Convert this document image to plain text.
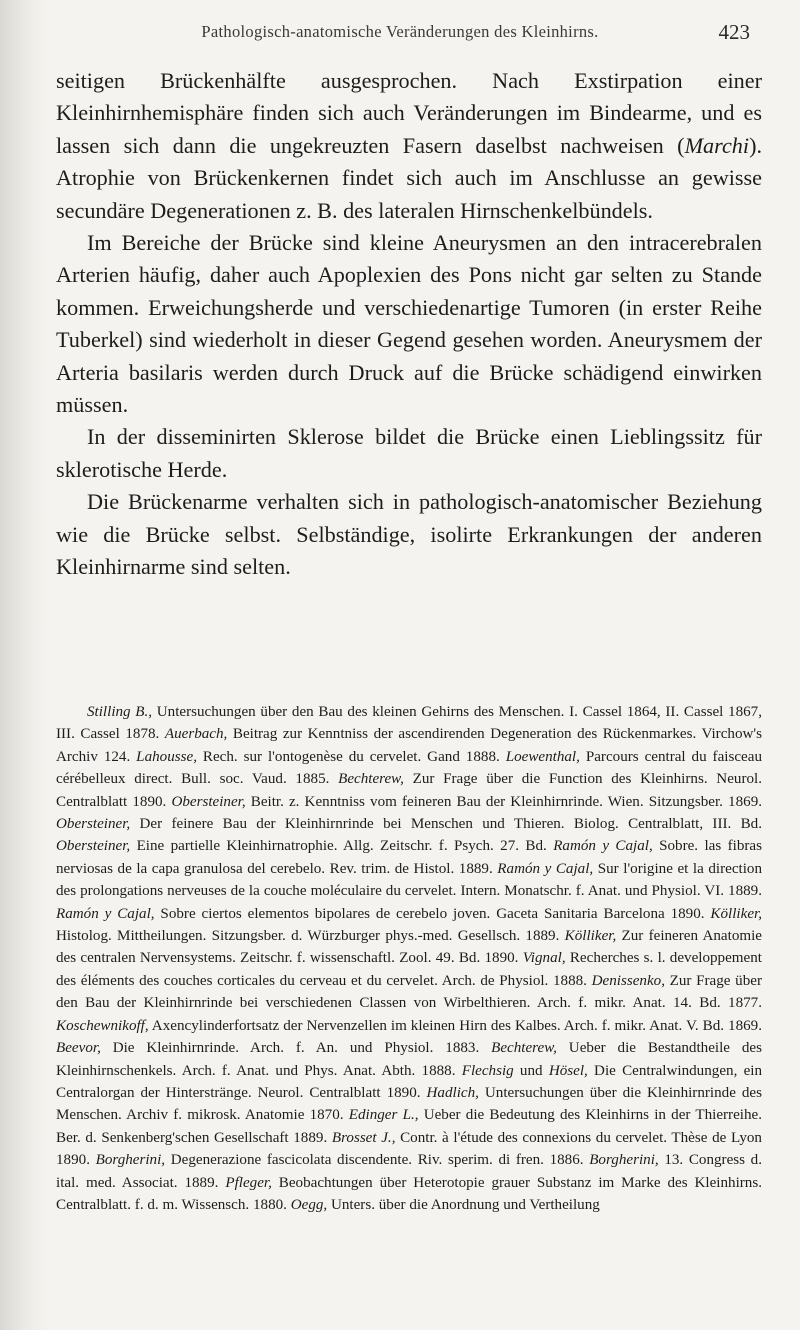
Pathologisch-anatomische Veränderungen des Kleinhirns.	423

seitigen Brückenhälfte ausgesprochen. Nach Exstirpation einer Kleinhirnhemisphäre finden sich auch Veränderungen im Bindearme, und es lassen sich dann die ungekreuzten Fasern daselbst nachweisen (Marchi). Atrophie von Brückenkernen findet sich auch im Anschlusse an gewisse secundäre Degenerationen z. B. des lateralen Hirnschenkelbündels.

Im Bereiche der Brücke sind kleine Aneurysmen an den intracerebralen Arterien häufig, daher auch Apoplexien des Pons nicht gar selten zu Stande kommen. Erweichungsherde und verschiedenartige Tumoren (in erster Reihe Tuberkel) sind wiederholt in dieser Gegend gesehen worden. Aneurysmem der Arteria basilaris werden durch Druck auf die Brücke schädigend einwirken müssen.

In der disseminirten Sklerose bildet die Brücke einen Lieblingssitz für sklerotische Herde.

Die Brückenarme verhalten sich in pathologisch-anatomischer Beziehung wie die Brücke selbst. Selbständige, isolirte Erkrankungen der anderen Kleinhirnarme sind selten.

Stilling B., Untersuchungen über den Bau des kleinen Gehirns des Menschen. I. Cassel 1864, II. Cassel 1867, III. Cassel 1878. Auerbach, Beitrag zur Kenntniss der ascendirenden Degeneration des Rückenmarkes. Virchow's Archiv 124. Lahousse, Rech. sur l'ontogenèse du cervelet. Gand 1888. Loewenthal, Parcours central du faisceau cérébelleux direct. Bull. soc. Vaud. 1885. Bechterew, Zur Frage über die Function des Kleinhirns. Neurol. Centralblatt 1890. Obersteiner, Beitr. z. Kenntniss vom feineren Bau der Kleinhirnrinde. Wien. Sitzungsber. 1869. Obersteiner, Der feinere Bau der Kleinhirnrinde bei Menschen und Thieren. Biolog. Centralblatt, III. Bd. Obersteiner, Eine partielle Kleinhirnatrophie. Allg. Zeitschr. f. Psych. 27. Bd. Ramón y Cajal, Sobre. las fibras nerviosas de la capa granulosa del cerebelo. Rev. trim. de Histol. 1889. Ramón y Cajal, Sur l'origine et la direction des prolongations nerveuses de la couche moléculaire du cervelet. Intern. Monatschr. f. Anat. und Physiol. VI. 1889. Ramón y Cajal, Sobre ciertos elementos bipolares de cerebelo joven. Gaceta Sanitaria Barcelona 1890. Kölliker, Histolog. Mittheilungen. Sitzungsber. d. Würzburger phys.-med. Gesellsch. 1889. Kölliker, Zur feineren Anatomie des centralen Nervensystems. Zeitschr. f. wissenschaftl. Zool. 49. Bd. 1890. Vignal, Recherches s. l. developpement des éléments des couches corticales du cerveau et du cervelet. Arch. de Physiol. 1888. Denissenko, Zur Frage über den Bau der Kleinhirnrinde bei verschiedenen Classen von Wirbelthieren. Arch. f. mikr. Anat. 14. Bd. 1877. Koschewnikoff, Axencylinderfortsatz der Nervenzellen im kleinen Hirn des Kalbes. Arch. f. mikr. Anat. V. Bd. 1869. Beevor, Die Kleinhirnrinde. Arch. f. An. und Physiol. 1883. Bechterew, Ueber die Bestandtheile des Kleinhirnschenkels. Arch. f. Anat. und Phys. Anat. Abth. 1888. Flechsig und Hösel, Die Centralwindungen, ein Centralorgan der Hinterstränge. Neurol. Centralblatt 1890. Hadlich, Untersuchungen über die Kleinhirnrinde des Menschen. Archiv f. mikrosk. Anatomie 1870. Edinger L., Ueber die Bedeutung des Kleinhirns in der Thierreihe. Ber. d. Senkenberg'schen Gesellschaft 1889. Brosset J., Contr. à l'étude des connexions du cervelet. Thèse de Lyon 1890. Borgherini, Degenerazione fascicolata discendente. Riv. sperim. di fren. 1886. Borgherini, 13. Congress d. ital. med. Associat. 1889. Pfleger, Beobachtungen über Heterotopie grauer Substanz im Marke des Kleinhirns. Centralblatt. f. d. m. Wissensch. 1880. Oegg, Unters. über die Anordnung und Vertheilung
